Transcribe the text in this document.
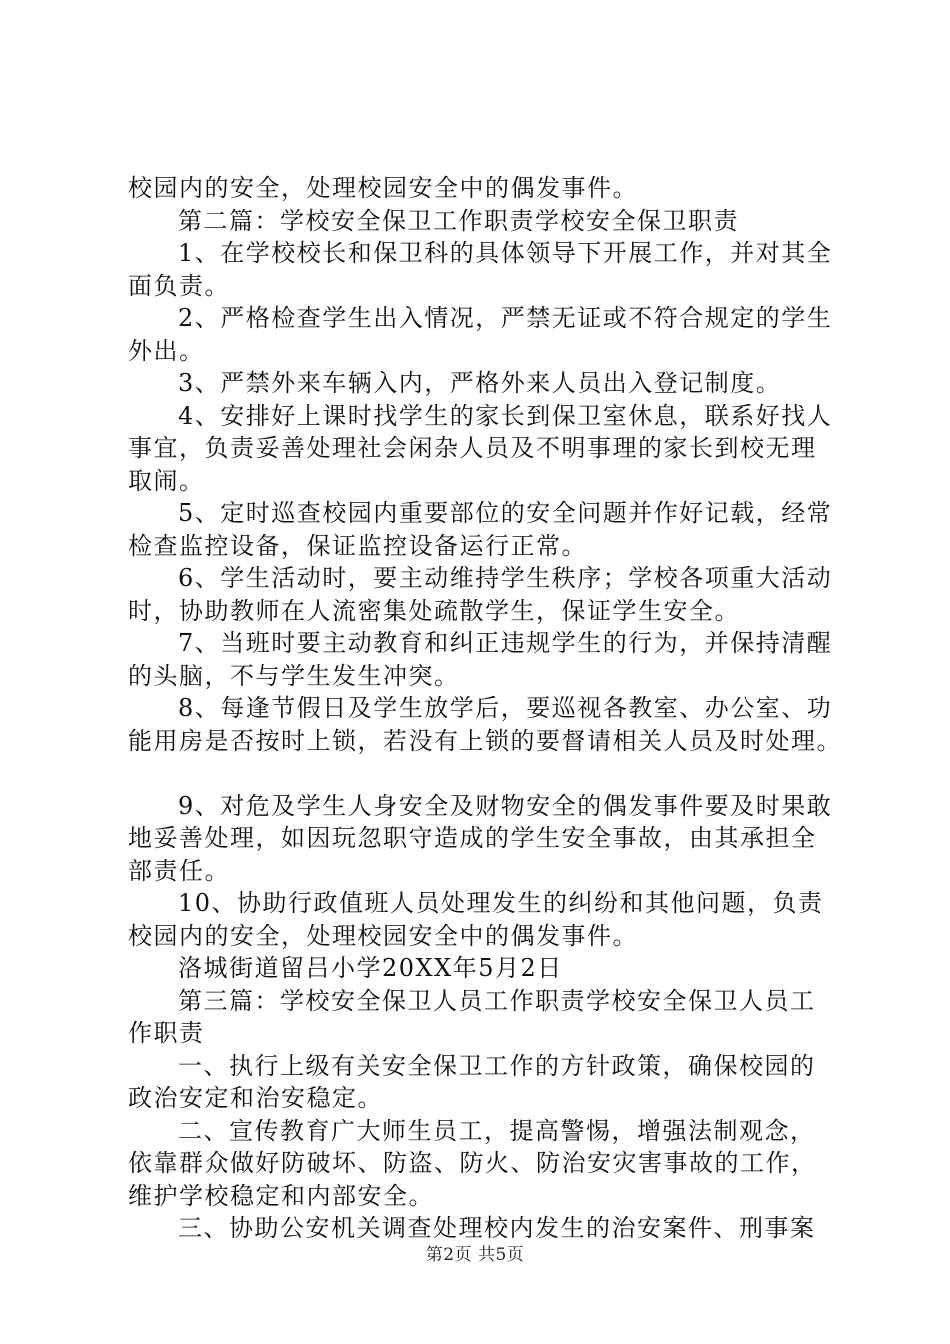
校园内的安全，处理校园安全中的偶发事件。
第二篇：学校安全保卫工作职责学校安全保卫职责
1、在学校校长和保卫科的具体领导下开展工作，并对其全
面负责。
2、严格检查学生出入情况，严禁无证或不符合规定的学生
外出。
3、严禁外来车辆入内，严格外来人员出入登记制度。
4、安排好上课时找学生的家长到保卫室休息，联系好找人
事宜，负责妥善处理社会闲杂人员及不明事理的家长到校无理
取闹。
5、定时巡查校园内重要部位的安全问题并作好记载，经常
检查监控设备，保证监控设备运行正常。
6、学生活动时，要主动维持学生秩序；学校各项重大活动
时，协助教师在人流密集处疏散学生，保证学生安全。
7、当班时要主动教育和纠正违规学生的行为，并保持清醒
的头脑，不与学生发生冲突。
8、每逢节假日及学生放学后，要巡视各教室、办公室、功
能用房是否按时上锁，若没有上锁的要督请相关人员及时处理。
9、对危及学生人身安全及财物安全的偶发事件要及时果敢
地妥善处理，如因玩忽职守造成的学生安全事故，由其承担全
部责任。
10、协助行政值班人员处理发生的纠纷和其他问题，负责
校园内的安全，处理校园安全中的偶发事件。
洛城街道留吕小学20XX年5月2日
第三篇：学校安全保卫人员工作职责学校安全保卫人员工
作职责
一、执行上级有关安全保卫工作的方针政策，确保校园的
政治安定和治安稳定。
二、宣传教育广大师生员工，提高警惕，增强法制观念，
依靠群众做好防破坏、防盗、防火、防治安灾害事故的工作，
维护学校稳定和内部安全。
三、协助公安机关调查处理校内发生的治安案件、刑事案
第2页 共5页
